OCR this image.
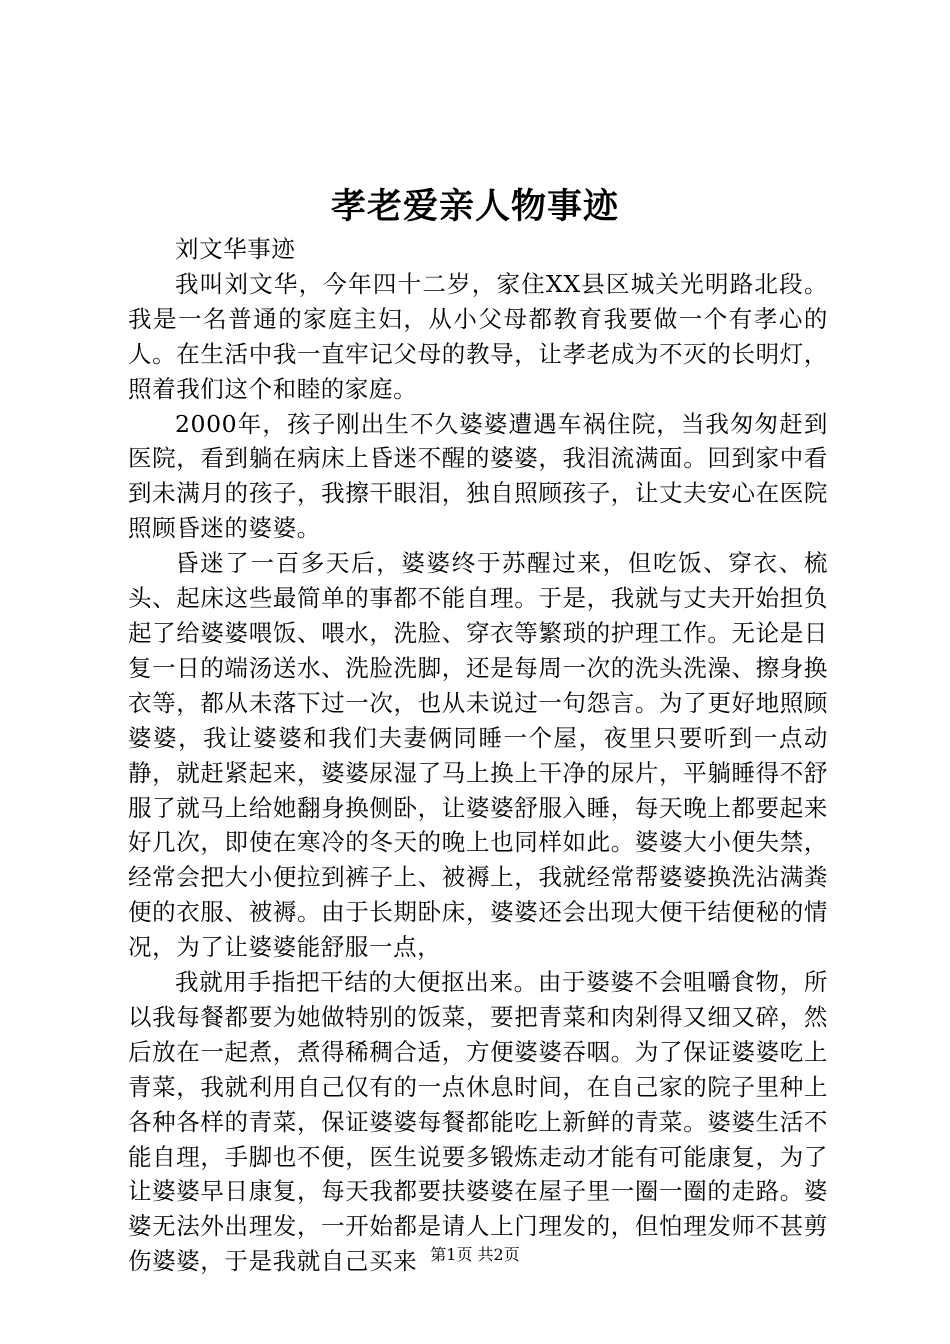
孝老爱亲人物事迹

刘文华事迹

我叫刘文华，今年四十二岁，家住XX县区城关光明路北段。我是一名普通的家庭主妇，从小父母都教育我要做一个有孝心的人。在生活中我一直牢记父母的教导，让孝老成为不灭的长明灯，照着我们这个和睦的家庭。

2000年，孩子刚出生不久婆婆遭遇车祸住院，当我匆匆赶到医院，看到躺在病床上昏迷不醒的婆婆，我泪流满面。回到家中看到未满月的孩子，我擦干眼泪，独自照顾孩子，让丈夫安心在医院照顾昏迷的婆婆。

昏迷了一百多天后，婆婆终于苏醒过来，但吃饭、穿衣、梳头、起床这些最简单的事都不能自理。于是，我就与丈夫开始担负起了给婆婆喂饭、喂水，洗脸、穿衣等繁琐的护理工作。无论是日复一日的端汤送水、洗脸洗脚，还是每周一次的洗头洗澡、擦身换衣等，都从未落下过一次，也从未说过一句怨言。为了更好地照顾婆婆，我让婆婆和我们夫妻俩同睡一个屋，夜里只要听到一点动静，就赶紧起来，婆婆尿湿了马上换上干净的尿片，平躺睡得不舒服了就马上给她翻身换侧卧，让婆婆舒服入睡，每天晚上都要起来好几次，即使在寒冷的冬天的晚上也同样如此。婆婆大小便失禁，经常会把大小便拉到裤子上、被褥上，我就经常帮婆婆换洗沾满粪便的衣服、被褥。由于长期卧床，婆婆还会出现大便干结便秘的情况，为了让婆婆能舒服一点，

我就用手指把干结的大便抠出来。由于婆婆不会咀嚼食物，所以我每餐都要为她做特别的饭菜，要把青菜和肉剁得又细又碎，然后放在一起煮，煮得稀稠合适，方便婆婆吞咽。为了保证婆婆吃上青菜，我就利用自己仅有的一点休息时间，在自己家的院子里种上各种各样的青菜，保证婆婆每餐都能吃上新鲜的青菜。婆婆生活不能自理，手脚也不便，医生说要多锻炼走动才能有可能康复，为了让婆婆早日康复，每天我都要扶婆婆在屋子里一圈一圈的走路。婆婆无法外出理发，一开始都是请人上门理发的，但怕理发师不甚剪伤婆婆，于是我就自己买来 第1页 共2页
